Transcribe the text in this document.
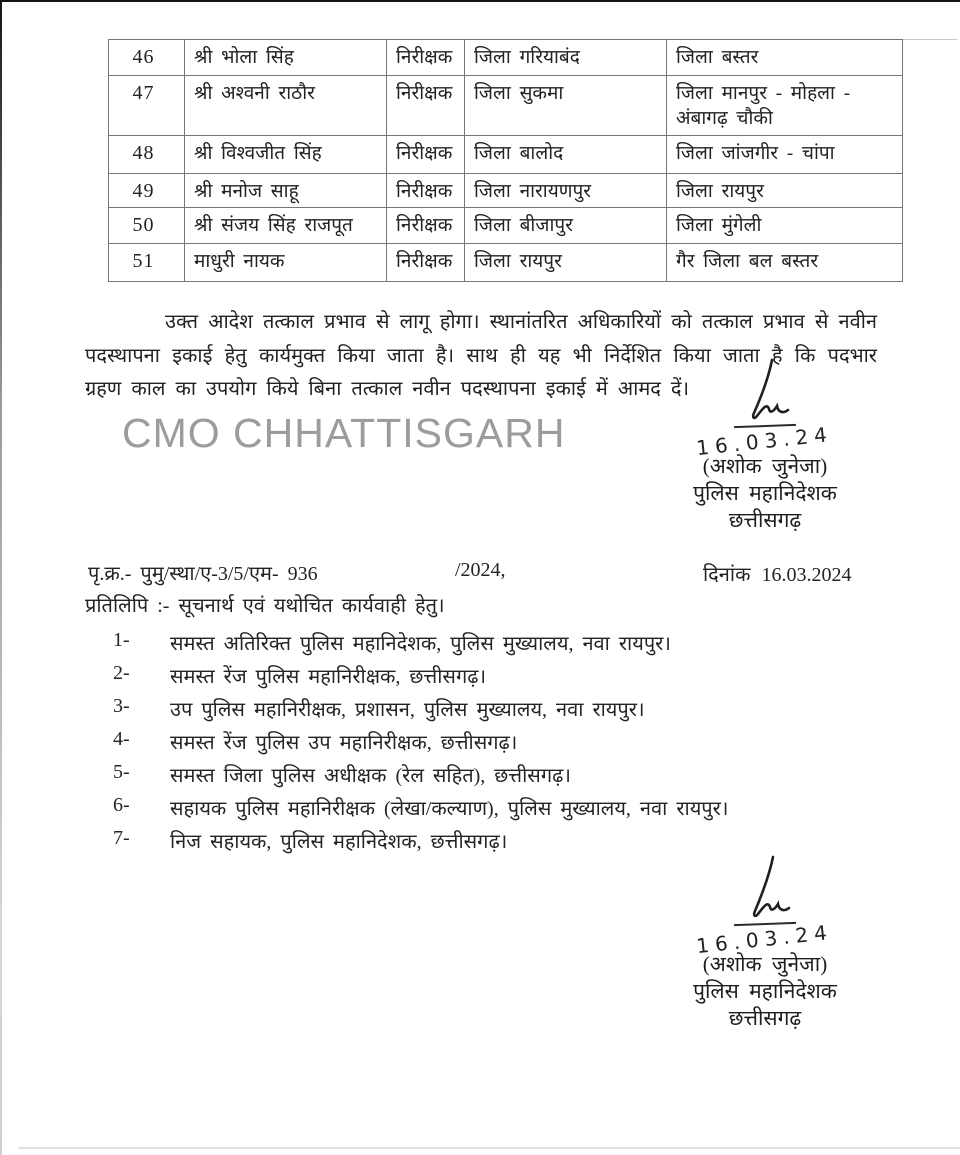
46	श्री भोला सिंह	निरीक्षक	जिला गरियाबंद	जिला बस्तर
47	श्री अश्वनी राठौर	निरीक्षक	जिला सुकमा	जिला मानपुर - मोहला - अंबागढ़ चौकी
48	श्री विश्वजीत सिंह	निरीक्षक	जिला बालोद	जिला जांजगीर - चांपा
49	श्री मनोज साहू	निरीक्षक	जिला नारायणपुर	जिला रायपुर
50	श्री संजय सिंह राजपूत	निरीक्षक	जिला बीजापुर	जिला मुंगेली
51	माधुरी नायक	निरीक्षक	जिला रायपुर	गैर जिला बल बस्तर
उक्त आदेश तत्काल प्रभाव से लागू होगा। स्थानांतरित अधिकारियों को तत्काल प्रभाव से नवीन पदस्थापना इकाई हेतु कार्यमुक्त किया जाता है। साथ ही यह भी निर्देशित किया जाता है कि पदभार ग्रहण काल का उपयोग किये बिना तत्काल नवीन पदस्थापना इकाई में आमद दें।
CMO CHHATTISGARH	16.03.24
(अशोक जुनेजा)
पुलिस महानिदेशक
छत्तीसगढ़
पृ.क्र.- पुमु/स्था/ए-3/5/एम- 936	/2024,	दिनांक 16.03.2024
प्रतिलिपि :- सूचनार्थ एवं यथोचित कार्यवाही हेतु।
1- समस्त अतिरिक्त पुलिस महानिदेशक, पुलिस मुख्यालय, नवा रायपुर।
2- समस्त रेंज पुलिस महानिरीक्षक, छत्तीसगढ़।
3- उप पुलिस महानिरीक्षक, प्रशासन, पुलिस मुख्यालय, नवा रायपुर।
4- समस्त रेंज पुलिस उप महानिरीक्षक, छत्तीसगढ़।
5- समस्त जिला पुलिस अधीक्षक (रेल सहित), छत्तीसगढ़।
6- सहायक पुलिस महानिरीक्षक (लेखा/कल्याण), पुलिस मुख्यालय, नवा रायपुर।
7- निज सहायक, पुलिस महानिदेशक, छत्तीसगढ़।
16.03.24
(अशोक जुनेजा)
पुलिस महानिदेशक
छत्तीसगढ़
